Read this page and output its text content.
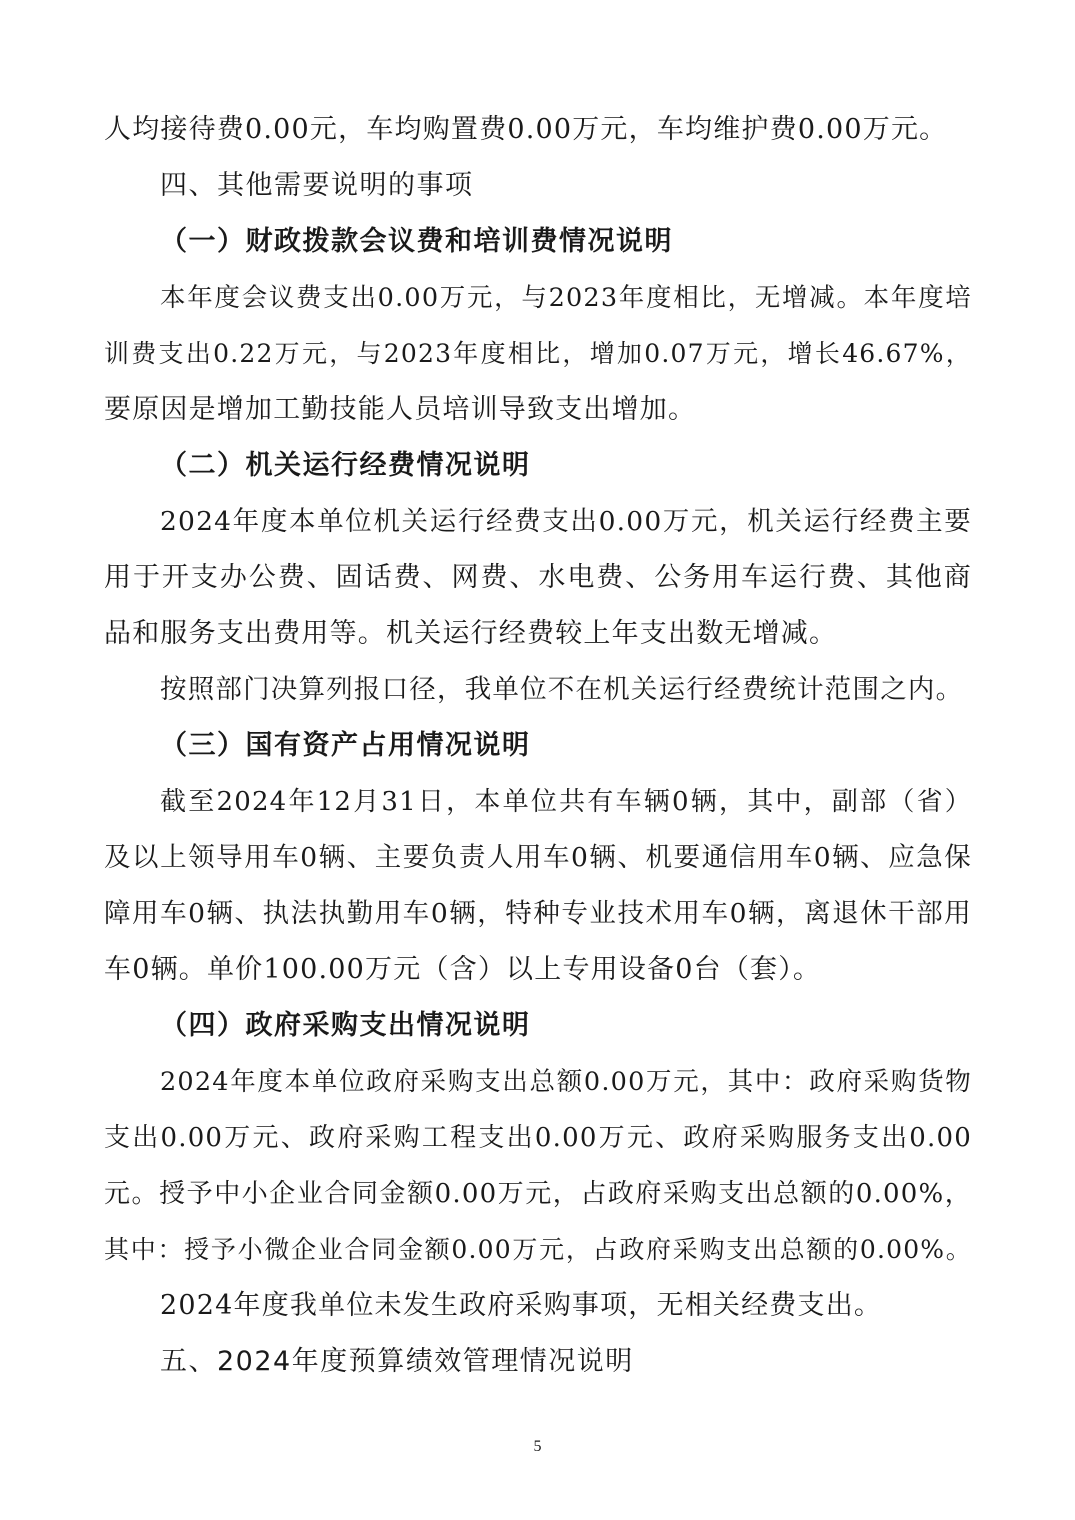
人均接待费0.00元，车均购置费0.00万元，车均维护费0.00万元。
四、其他需要说明的事项
（一）财政拨款会议费和培训费情况说明
本年度会议费支出0.00万元，与2023年度相比，无增减。本年度培
训费支出0.22万元，与2023年度相比，增加0.07万元，增长46.67%，
要原因是增加工勤技能人员培训导致支出增加。
（二）机关运行经费情况说明
2024年度本单位机关运行经费支出0.00万元，机关运行经费主要
用于开支办公费、固话费、网费、水电费、公务用车运行费、其他商
品和服务支出费用等。机关运行经费较上年支出数无增减。
按照部门决算列报口径，我单位不在机关运行经费统计范围之内。
（三）国有资产占用情况说明
截至2024年12月31日，本单位共有车辆0辆，其中，副部（省）
及以上领导用车0辆、主要负责人用车0辆、机要通信用车0辆、应急保
障用车0辆、执法执勤用车0辆，特种专业技术用车0辆，离退休干部用
车0辆。单价100.00万元（含）以上专用设备0台（套）。
（四）政府采购支出情况说明
2024年度本单位政府采购支出总额0.00万元，其中：政府采购货物
支出0.00万元、政府采购工程支出0.00万元、政府采购服务支出0.00
元。授予中小企业合同金额0.00万元，占政府采购支出总额的0.00%，
其中：授予小微企业合同金额0.00万元，占政府采购支出总额的0.00%。
2024年度我单位未发生政府采购事项，无相关经费支出。
五、2024年度预算绩效管理情况说明
5
